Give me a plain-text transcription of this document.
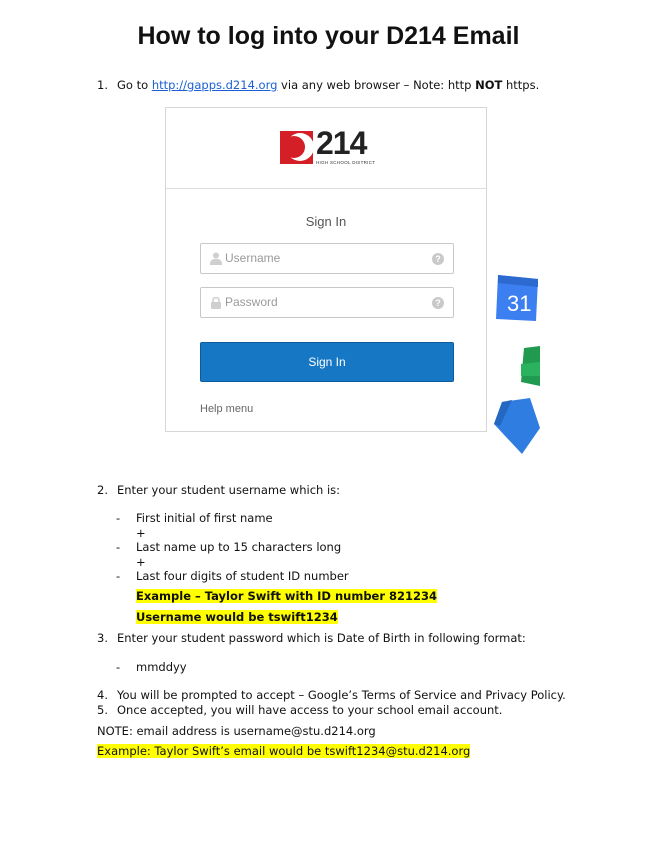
How to log into your D214 Email
1. Go to http://gapps.d214.org via any web browser – Note: http NOT https.
214
HIGH SCHOOL DISTRICT
Sign In
Username
?
?
Sign In
Help menu
31
2. Enter your student username which is:
- First initial of first name
+
- Last name up to 15 characters long
+
- Last four digits of student ID number
Example – Taylor Swift with ID number 821234
Username would be tswift1234
3. Enter your student password which is Date of Birth in following format:
- mmddyy
4. You will be prompted to accept – Google’s Terms of Service and Privacy Policy.
5. Once accepted, you will have access to your school email account.
NOTE: email address is username@stu.d214.org
Example: Taylor Swift’s email would be tswift1234@stu.d214.org
